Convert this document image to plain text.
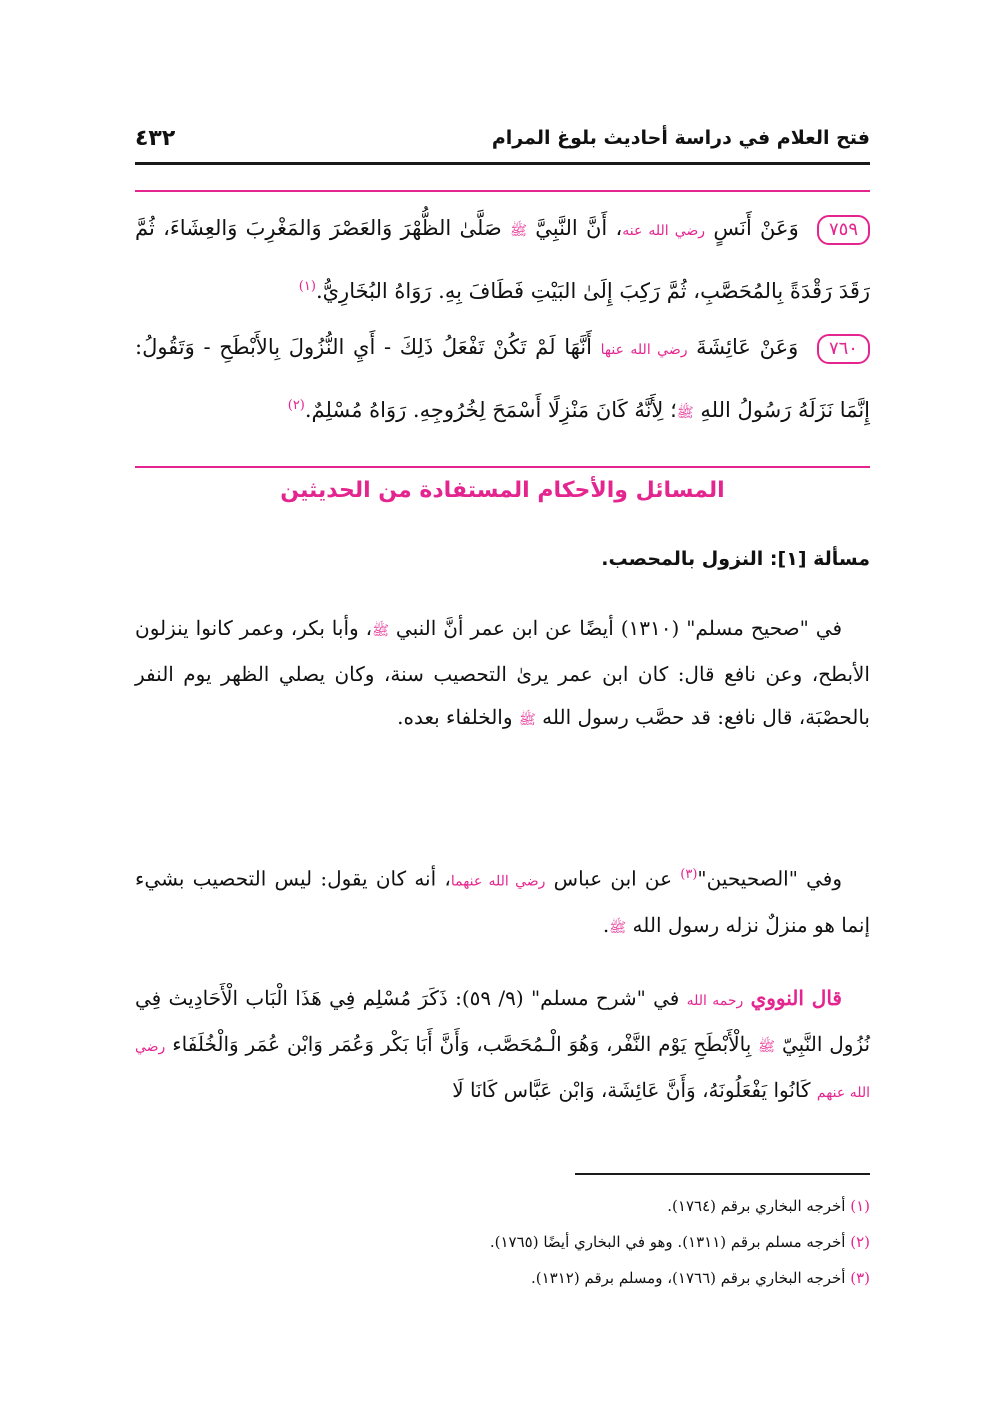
فتح العلام في دراسة أحاديث بلوغ المرام
٤٣٢

٧٥٩ وَعَنْ أَنَسٍ رضي الله عنه، أَنَّ النَّبِيَّ ﷺ صَلَّىٰ الظُّهْرَ وَالعَصْرَ وَالمَغْرِبَ وَالعِشَاءَ، ثُمَّ رَقَدَ رَقْدَةً بِالمُحَصَّبِ، ثُمَّ رَكِبَ إِلَىٰ البَيْتِ فَطَافَ بِهِ. رَوَاهُ البُخَارِيُّ.$^{(١)}$

٧٦٠ وَعَنْ عَائِشَةَ رضي الله عنها أَنَّهَا لَمْ تَكُنْ تَفْعَلُ ذَلِكَ - أَيِ النُّزُولَ بِالأَبْطَحِ - وَتَقُولُ: إِنَّمَا نَزَلَهُ رَسُولُ اللهِ ﷺ؛ لِأَنَّهُ كَانَ مَنْزِلًا أَسْمَحَ لِخُرُوجِهِ. رَوَاهُ مُسْلِمٌ.$^{(٢)}$

المسائل والأحكام المستفادة من الحديثين
مسألة [١]: النزول بالمحصب.

في "صحيح مسلم" (١٣١٠) أيضًا عن ابن عمر أنَّ النبي ﷺ، وأبا بكر، وعمر كانوا ينزلون الأبطح، وعن نافع قال: كان ابن عمر يرىٰ التحصيب سنة، وكان يصلي الظهر يوم النفر بالحصْبَة، قال نافع: قد حصَّب رسول الله ﷺ والخلفاء بعده.

وفي "الصحيحين"$^{(٣)}$ عن ابن عباس رضي الله عنهما، أنه كان يقول: ليس التحصيب بشيء إنما هو منزلٌ نزله رسول الله ﷺ.

قال النووي رحمه الله في "شرح مسلم" (٩/ ٥٩): ذَكَرَ مُسْلِم فِي هَذَا الْبَاب الْأَحَادِيث فِي نُزُول النَّبِيّ ﷺ بِالْأَبْطَحِ يَوْم النَّفْر، وَهُوَ الْـمُحَصَّب، وَأَنَّ أَبَا بَكْر وَعُمَر وَابْن عُمَر وَالْخُلَفَاء رضي الله عنهم كَانُوا يَفْعَلُونَهُ، وَأَنَّ عَائِشَة، وَابْن عَبَّاس كَانَا لَا

(١) أخرجه البخاري برقم (١٧٦٤).

(٢) أخرجه مسلم برقم (١٣١١). وهو في البخاري أيضًا (١٧٦٥).

(٣) أخرجه البخاري برقم (١٧٦٦)، ومسلم برقم (١٣١٢).
